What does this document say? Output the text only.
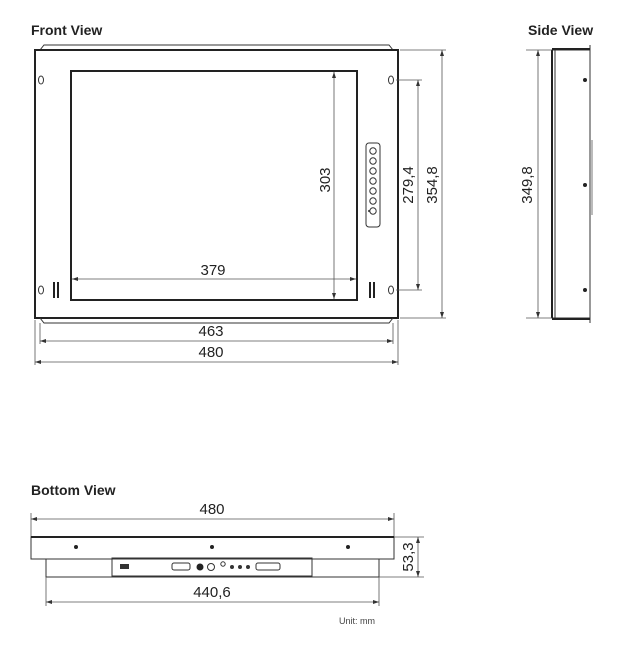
Front View	Side View
Bottom View
379
303	279,4 354,8
463
480
349,8
480
53,3
440,6
Unit: mm
